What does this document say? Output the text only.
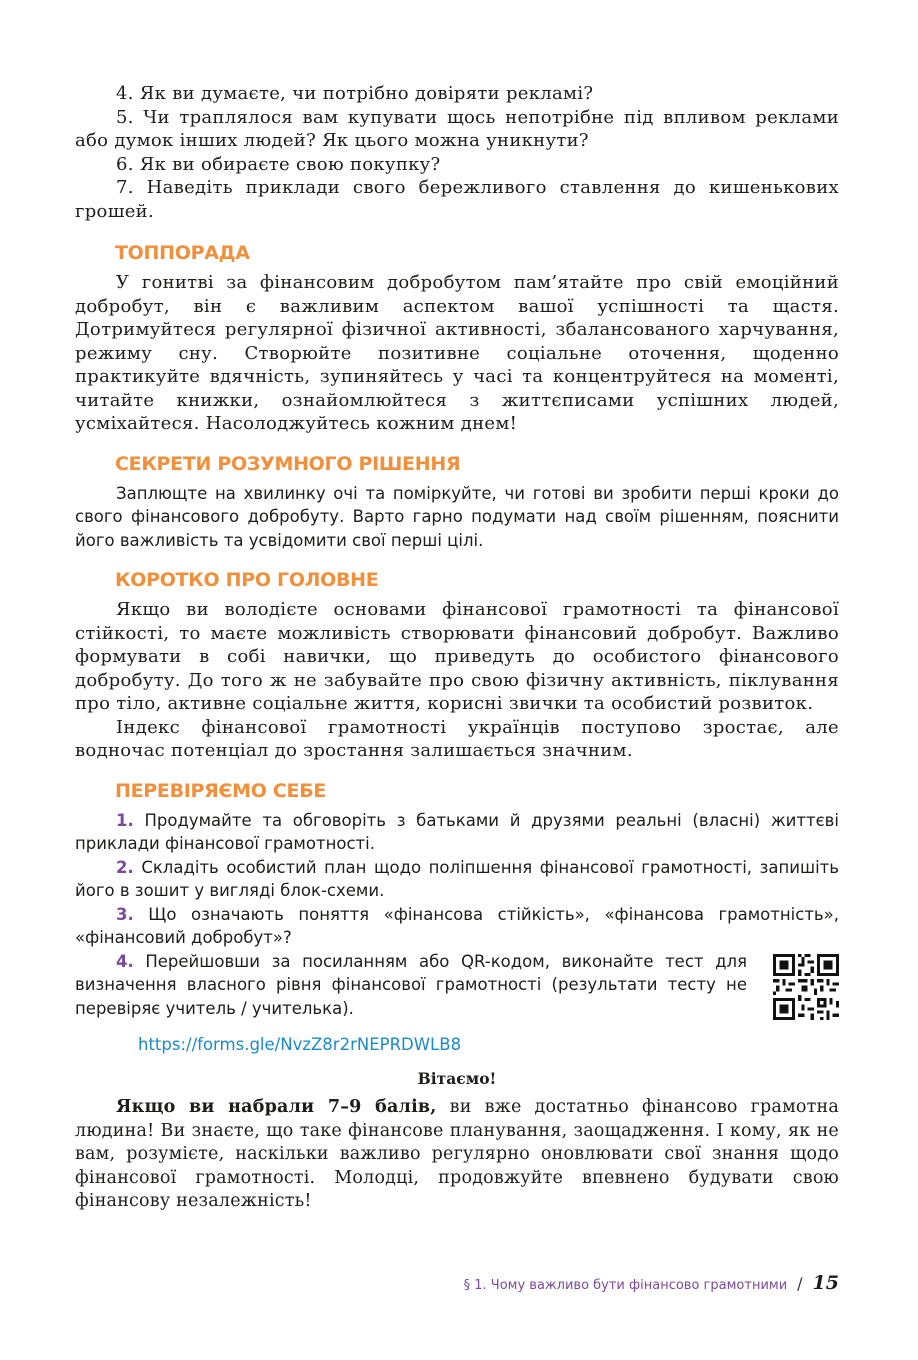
4. Як ви думаєте, чи потрібно довіряти рекламі?

5. Чи траплялося вам купувати щось непотрібне під впливом реклами або думок інших людей? Як цього можна уникнути?

6. Як ви обираєте свою покупку?

7. Наведіть приклади свого бережливого ставлення до кишенькових грошей.

ТОППОРАДА

У гонитві за фінансовим добробутом пам’ятайте про свій емоційний добробут, він є важливим аспектом вашої успішності та щастя. Дотримуйтеся регулярної фізичної активності, збалансованого харчування, режиму сну. Створюйте позитивне соціальне оточення, щоденно практикуйте вдячність, зупиняйтесь у часі та концентруйтеся на моменті, читайте книжки, ознайомлюйтеся з життєписами успішних людей, усміхайтеся. Насолоджуйтесь кожним днем!

СЕКРЕТИ РОЗУМНОГО РІШЕННЯ

Заплющте на хвилинку очі та поміркуйте, чи готові ви зробити перші кроки до свого фінансового добробуту. Варто гарно подумати над своїм рішенням, пояснити його важливість та усвідомити свої перші цілі.

КОРОТКО ПРО ГОЛОВНЕ

Якщо ви володієте основами фінансової грамотності та фінансової стійкості, то маєте можливість створювати фінансовий добробут. Важливо формувати в собі навички, що приведуть до особистого фінансового добробуту. До того ж не забувайте про свою фізичну активність, піклування про тіло, активне соціальне життя, корисні звички та особистий розвиток.

Індекс фінансової грамотності українців поступово зростає, але водночас потенціал до зростання залишається значним.

ПЕРЕВІРЯЄМО СЕБЕ

1. Продумайте та обговоріть з батьками й друзями реальні (власні) життєві приклади фінансової грамотності.

2. Складіть особистий план щодо поліпшення фінансової грамотності, запишіть його в зошит у вигляді блок-схеми.

3. Що означають поняття «фінансова стійкість», «фінансова грамотність», «фінансовий добробут»?

4. Перейшовши за посиланням або QR-кодом, виконайте тест для визначення власного рівня фінансової грамотності (результати тесту не перевіряє учитель / учителька).

https://forms.gle/NvzZ8r2rNEPRDWLB8

Вітаємо!

Якщо ви набрали 7–9 балів, ви вже достатньо фінансово грамотна людина! Ви знаєте, що таке фінансове планування, заощадження. І кому, як не вам, розумієте, наскільки важливо регулярно оновлювати свої знання щодо фінансової грамотності. Молодці, продовжуйте впевнено будувати свою фінансову незалежність!

§ 1. Чому важливо бути фінансово грамотними / 15
